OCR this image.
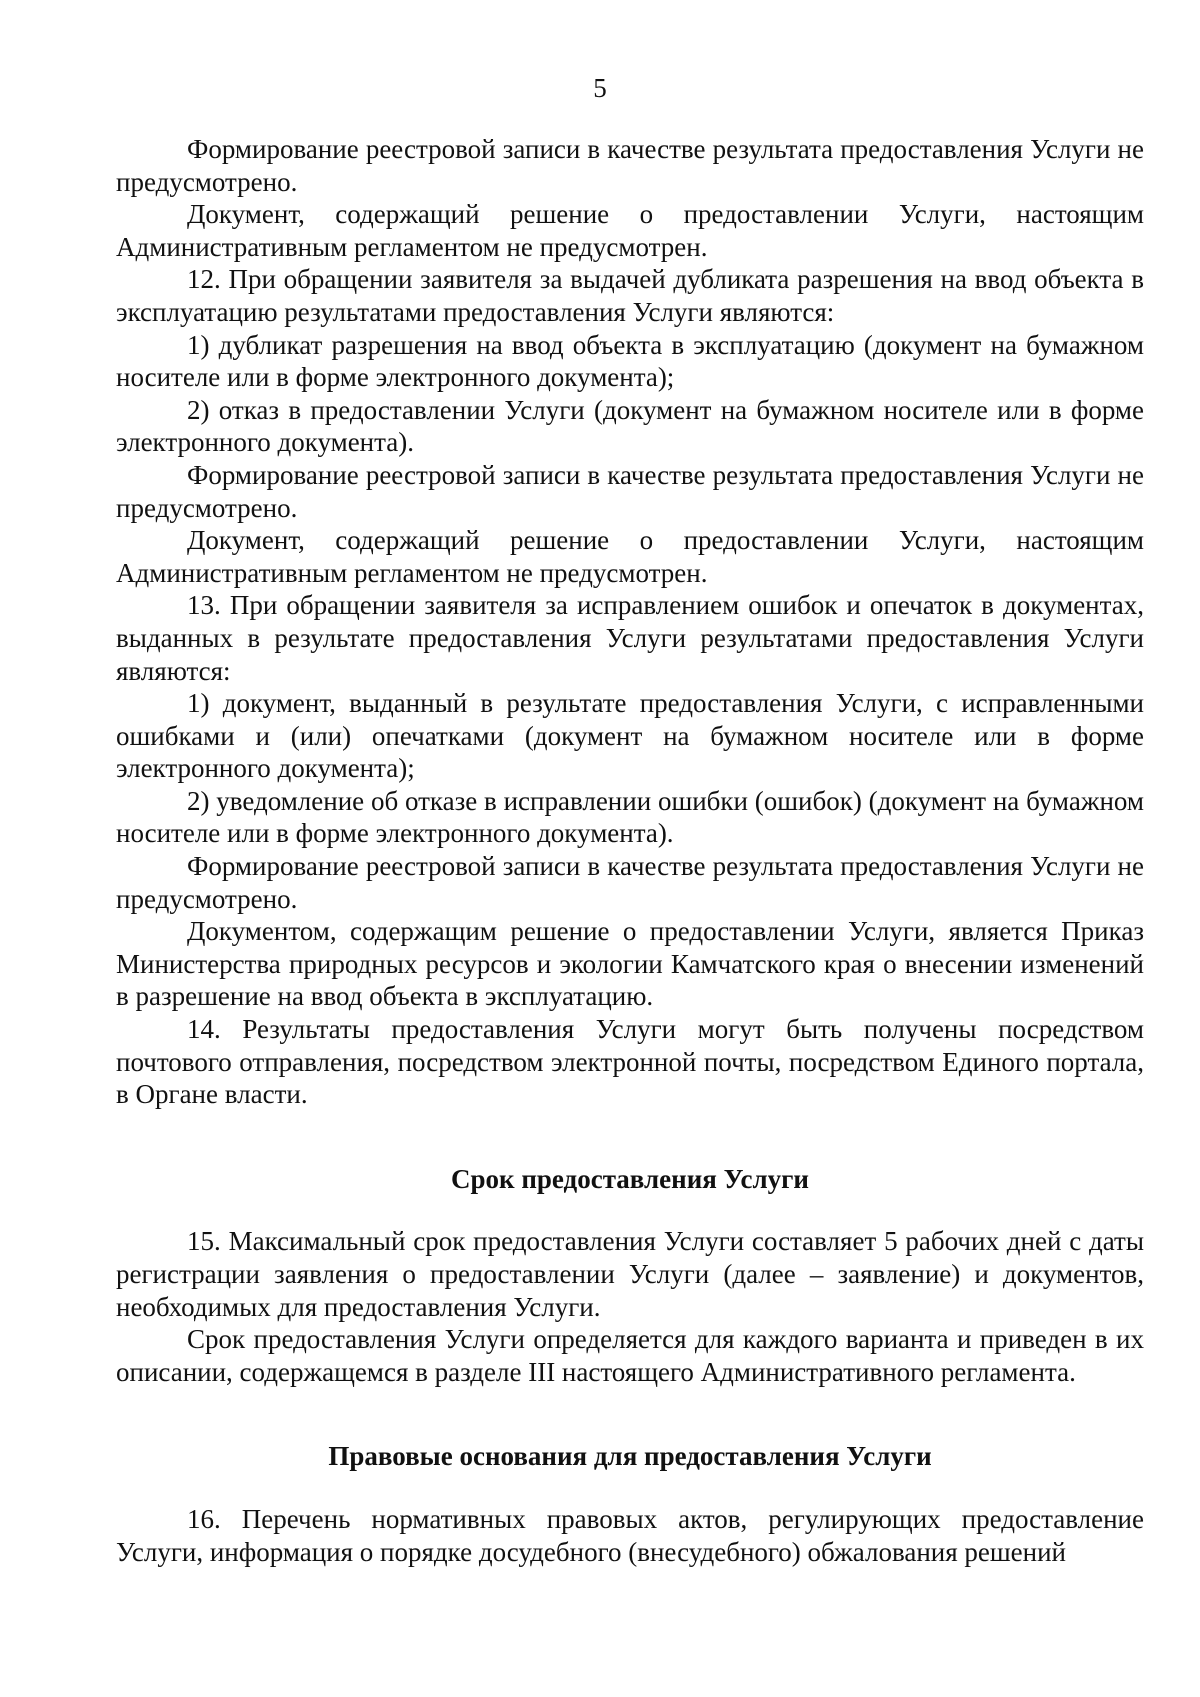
5

Формирование реестровой записи в качестве результата предоставления Услуги не предусмотрено.

Документ, содержащий решение о предоставлении Услуги, настоящим Административным регламентом не предусмотрен.

12. При обращении заявителя за выдачей дубликата разрешения на ввод объекта в эксплуатацию результатами предоставления Услуги являются:

1) дубликат разрешения на ввод объекта в эксплуатацию (документ на бумажном носителе или в форме электронного документа);

2) отказ в предоставлении Услуги (документ на бумажном носителе или в форме электронного документа).

Формирование реестровой записи в качестве результата предоставления Услуги не предусмотрено.

Документ, содержащий решение о предоставлении Услуги, настоящим Административным регламентом не предусмотрен.

13. При обращении заявителя за исправлением ошибок и опечаток в документах, выданных в результате предоставления Услуги результатами предоставления Услуги являются:

1) документ, выданный в результате предоставления Услуги, с исправленными ошибками и (или) опечатками (документ на бумажном носителе или в форме электронного документа);

2) уведомление об отказе в исправлении ошибки (ошибок) (документ на бумажном носителе или в форме электронного документа).

Формирование реестровой записи в качестве результата предоставления Услуги не предусмотрено.

Документом, содержащим решение о предоставлении Услуги, является Приказ Министерства природных ресурсов и экологии Камчатского края о внесении изменений в разрешение на ввод объекта в эксплуатацию.

14. Результаты предоставления Услуги могут быть получены посредством почтового отправления, посредством электронной почты, посредством Единого портала, в Органе власти.

Срок предоставления Услуги

15. Максимальный срок предоставления Услуги составляет 5 рабочих дней с даты регистрации заявления о предоставлении Услуги (далее – заявление) и документов, необходимых для предоставления Услуги.

Срок предоставления Услуги определяется для каждого варианта и приведен в их описании, содержащемся в разделе III настоящего Административного регламента.

Правовые основания для предоставления Услуги

16. Перечень нормативных правовых актов, регулирующих предоставление Услуги, информация о порядке досудебного (внесудебного) обжалования решений
